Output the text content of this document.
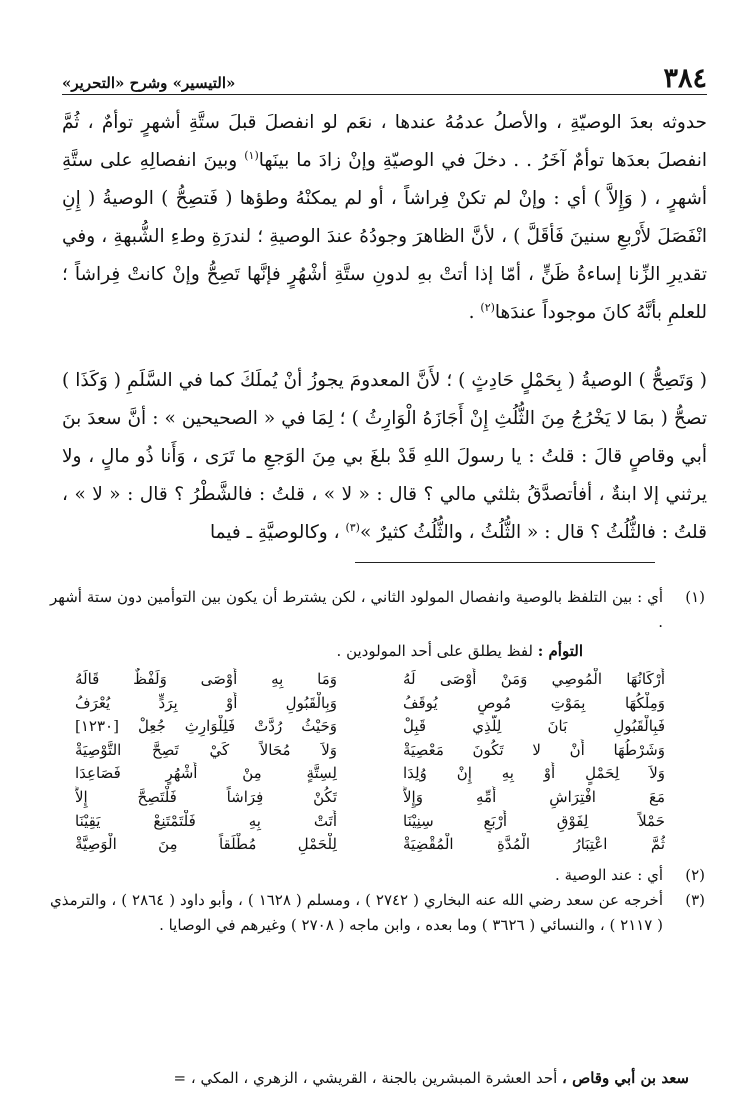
٣٨٤
«التيسير» وشرح «التحرير»

حدوثه بعدَ الوصيّةِ ، والأصلُ عدمُهُ عندها ، نعَم لو انفصلَ قبلَ ستَّةِ أشهرٍ توأمٌ ، ثُمَّ انفصلَ بعدَها توأمٌ آخَرُ . . دخلَ في الوصيّةِ وإنْ زادَ ما بينَها$^{(١)}$ وبينَ انفصالِهِ على ستَّةِ أشهرٍ ، ( وَإِلاَّ ) أي : وإنْ لم تكنْ فِراشاً ، أو لم يمكنْهُ وطؤها ( فَتصِحُّ ) الوصيةُ ( إِنِ انْفَصَلَ لأَرْبعِ سنينَ فَأقَلَّ ) ، لأنَّ الظاهرَ وجودُهُ عندَ الوصيةِ ؛ لندرَةِ وطءِ الشُّبهةِ ، وفي تقديرِ الزِّنا إساءةُ ظَنٍّ ، أمّا إذا أتتْ بهِ لدونِ ستَّةِ أشْهُرٍ فإنَّها تَصِحُّ وإنْ كانتْ فِراشاً ؛ للعلمِ بأنَّهُ كانَ موجوداً عندَها$^{(٢)}$ .

( وَتَصِحُّ ) الوصيةُ ( بِحَمْلٍ حَادِثٍ ) ؛ لأَنَّ المعدومَ يجوزُ أنْ يُملَكَ كما في السَّلَمِ ( وَكَذَا ) تصحُّ ( بمَا لا يَخْرُجُ مِنَ الثُّلُثِ إِنْ أَجَازَهُ الْوَارِثُ ) ؛ لِمَا في « الصحيحين » : أنَّ سعدَ بنَ أبي وقاصٍ قالَ : قلتُ : يا رسولَ اللهِ قَدْ بلغَ بي مِنَ الوَجعِ ما تَرَى ، وَأَنا ذُو مالٍ ، ولا يرثني إلا ابنةٌ ، أفأتصدَّقُ بثلثي مالي ؟ قال : « لا » ، قلتُ : فالشَّطْرُ ؟ قال : « لا » ، قلتُ : فالثُّلُثُ ؟ قال : « الثُّلُثُ ، والثُّلُثُ كثيرٌ »$^{(٣)}$ ، وكالوصيَّةِ ـ فيما

(١)
أي : بين التلفظ بالوصية وانفصال المولود الثاني ، لكن يشترط أن يكون بين التوأمين دون ستة أشهر .
التوأم : لفظ يطلق على أحد المولودين .
أَرْكَانُهَا الْمُوصِي وَمَنْ أَوْصَى لَهُ
وَمَا بِهِ أَوْصَى وَلَفْظٌ قَالَهُ
وَمِلْكُهَا بِمَوْتِ مُوصٍ يُوقَفُ
وَبِالْقَبُولِ أَوْ بِرَدٍّ يُعْرَفُ
فَبِالْقَبُولِ بَانَ لِلَّذِي قَبِلْ
وَحَيْثُ رُدَّتْ فَلِلْوَارِثِ جُعِلْ [١٢٣٠]
وَشَرْطُهَا أَنْ لا تَكُونَ مَعْصِيَةْ
وَلاَ مُحَالاً كَيْ تَصِحَّ التَّوْصِيَةْ
وَلاَ لِحَمْلٍ أَوْ بِهِ إِنْ وُلِدَا
لِسِتَّةٍ مِنْ أَشْهُرٍ فَصَاعِدَا
مَعَ افْتِرَاشِ أُمِّهِ وَإِلاَّ
تَكُنْ فِرَاشاً فَلْتَصِحَّ إِلاَّ
حَمْلاً لِفَوْقِ أَرْبَعٍ سِنِيْنَا
أَتَتْ بِهِ فَلْتَمْتَنِعْ يَقِيْنَا
ثُمَّ اعْتِبَارُ الْمُدَّةِ الْمُقْضِيَةْ
لِلْحَمْلِ مُطْلَقاً مِنَ الْوَصِيَّةْ
(٢)
أي : عند الوصية .
(٣)
أخرجه عن سعد رضي الله عنه البخاري ( ٢٧٤٢ ) ، ومسلم ( ١٦٢٨ ) ، وأبو داود ( ٢٨٦٤ ) ، والترمذي ( ٢١١٧ ) ، والنسائي ( ٣٦٢٦ ) وما بعده ، وابن ماجه ( ٢٧٠٨ ) وغيرهم في الوصايا .
سعد بن أبي وقاص ، أحد العشرة المبشرين بالجنة ، القريشي ، الزهري ، المكي ، =
